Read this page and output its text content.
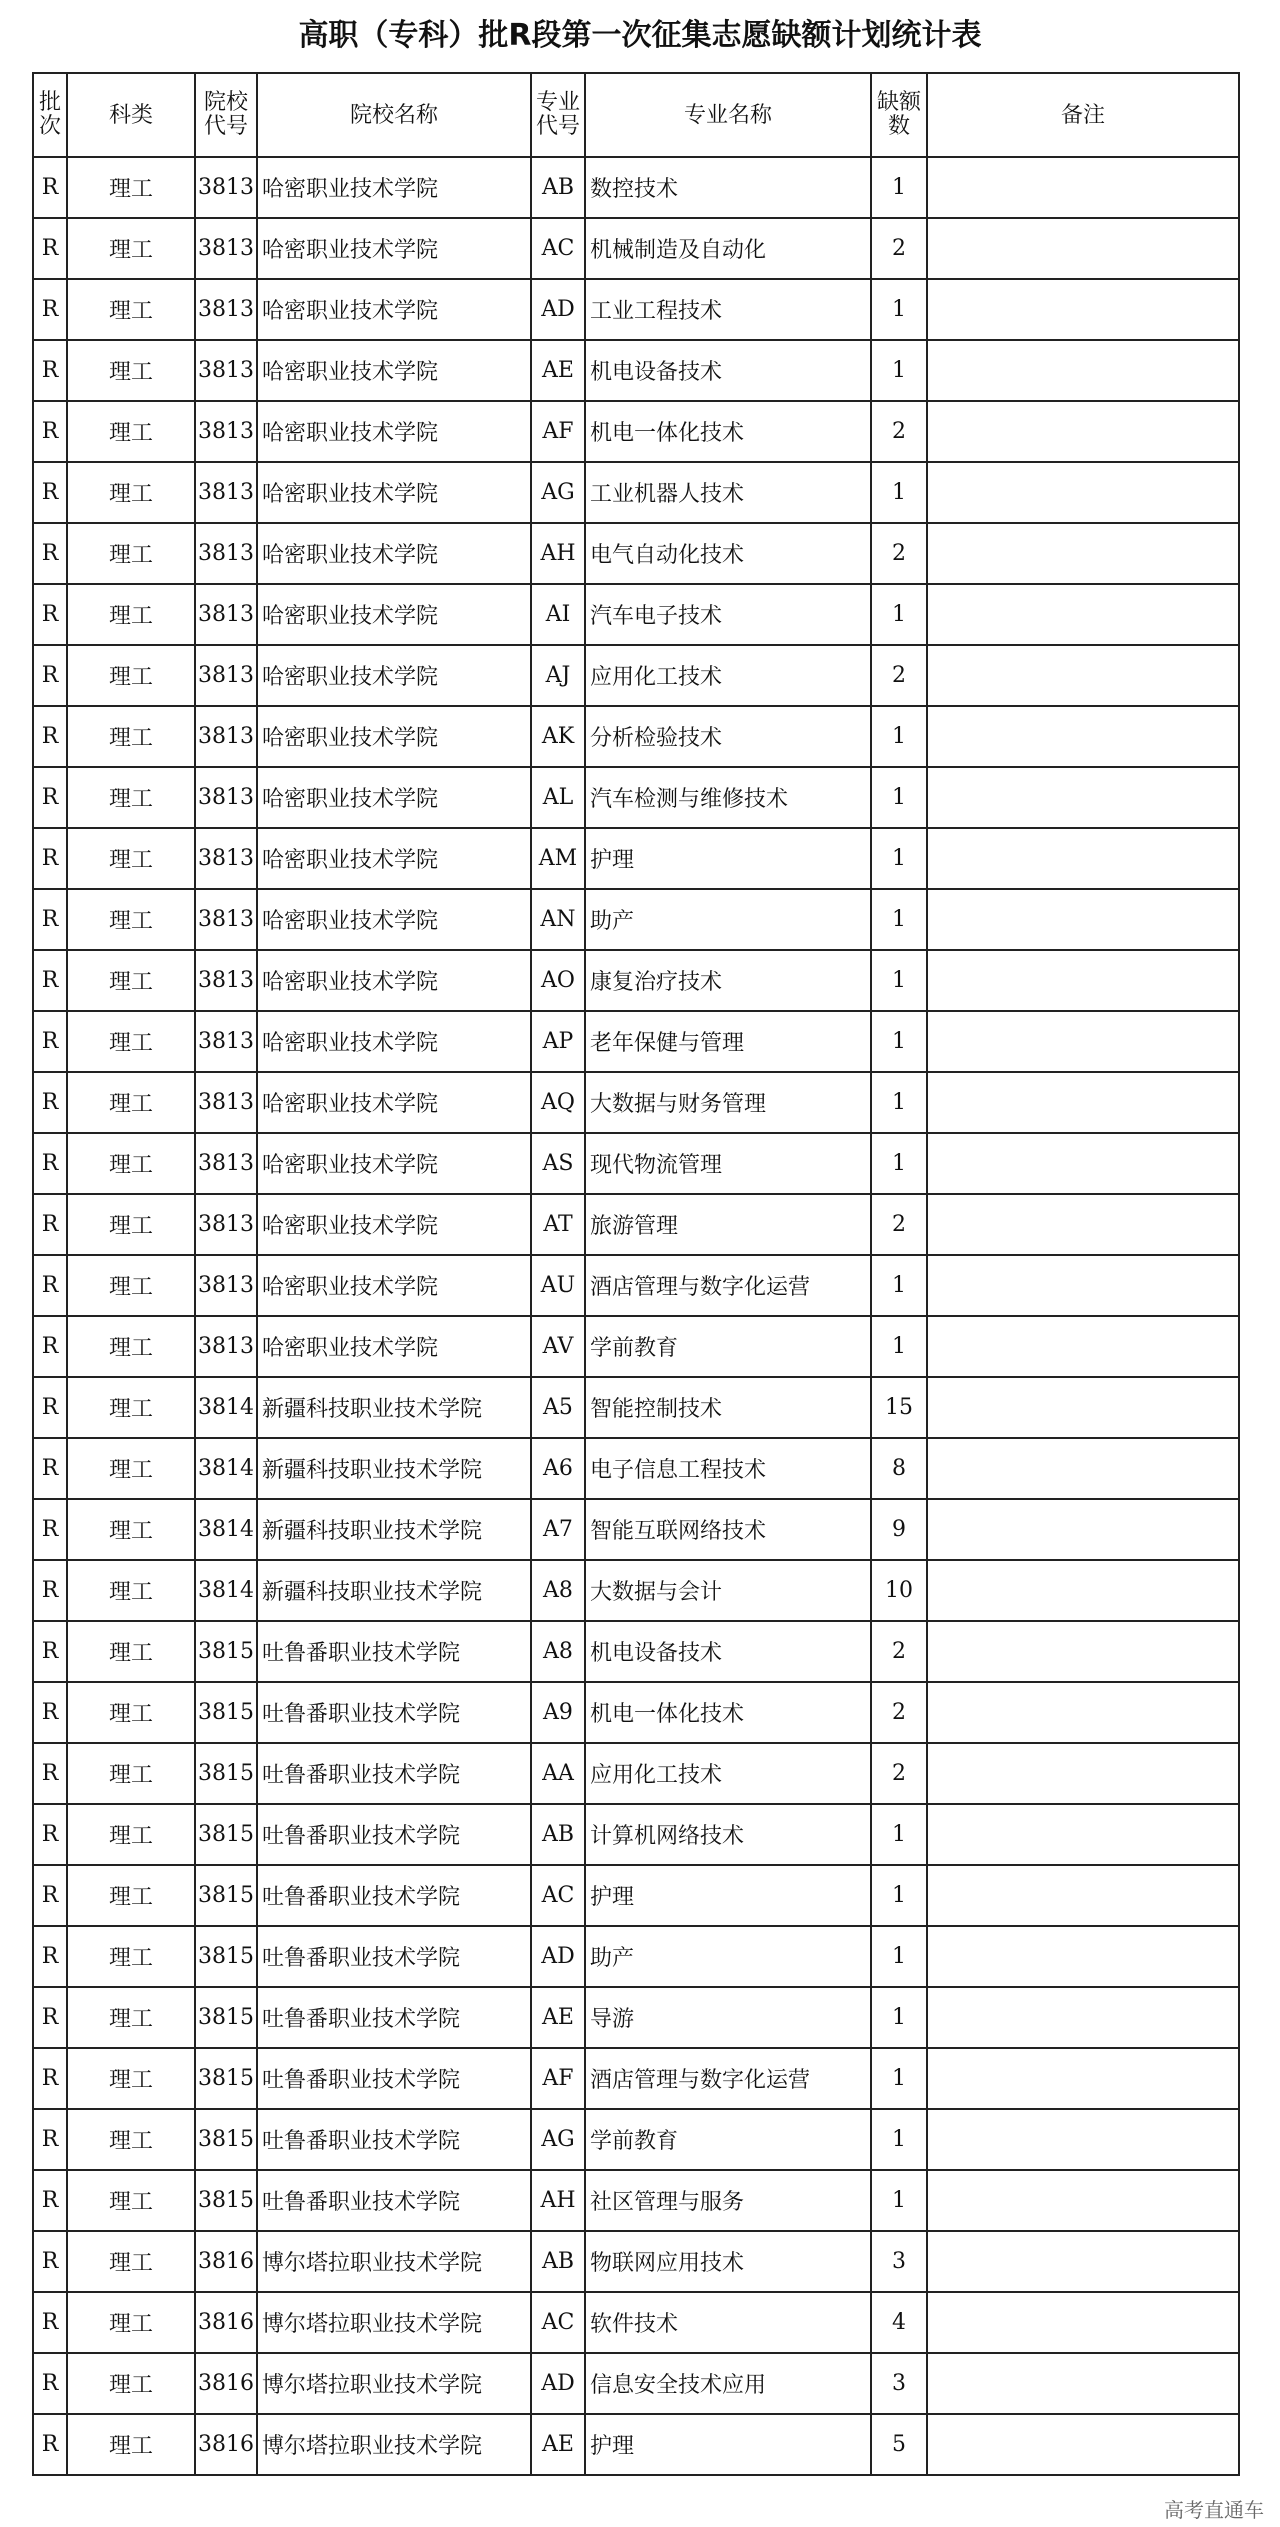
高职（专科）批R段第一次征集志愿缺额计划统计表
批次	科类	院校代号	院校名称	专业代号	专业名称	缺额数	备注
R	理工	3813	哈密职业技术学院	AB	数控技术	1	
R	理工	3813	哈密职业技术学院	AC	机械制造及自动化	2	
R	理工	3813	哈密职业技术学院	AD	工业工程技术	1	
R	理工	3813	哈密职业技术学院	AE	机电设备技术	1	
R	理工	3813	哈密职业技术学院	AF	机电一体化技术	2	
R	理工	3813	哈密职业技术学院	AG	工业机器人技术	1	
R	理工	3813	哈密职业技术学院	AH	电气自动化技术	2	
R	理工	3813	哈密职业技术学院	AI	汽车电子技术	1	
R	理工	3813	哈密职业技术学院	AJ	应用化工技术	2	
R	理工	3813	哈密职业技术学院	AK	分析检验技术	1	
R	理工	3813	哈密职业技术学院	AL	汽车检测与维修技术	1	
R	理工	3813	哈密职业技术学院	AM	护理	1	
R	理工	3813	哈密职业技术学院	AN	助产	1	
R	理工	3813	哈密职业技术学院	AO	康复治疗技术	1	
R	理工	3813	哈密职业技术学院	AP	老年保健与管理	1	
R	理工	3813	哈密职业技术学院	AQ	大数据与财务管理	1	
R	理工	3813	哈密职业技术学院	AS	现代物流管理	1	
R	理工	3813	哈密职业技术学院	AT	旅游管理	2	
R	理工	3813	哈密职业技术学院	AU	酒店管理与数字化运营	1	
R	理工	3813	哈密职业技术学院	AV	学前教育	1	
R	理工	3814	新疆科技职业技术学院	A5	智能控制技术	15	
R	理工	3814	新疆科技职业技术学院	A6	电子信息工程技术	8	
R	理工	3814	新疆科技职业技术学院	A7	智能互联网络技术	9	
R	理工	3814	新疆科技职业技术学院	A8	大数据与会计	10	
R	理工	3815	吐鲁番职业技术学院	A8	机电设备技术	2	
R	理工	3815	吐鲁番职业技术学院	A9	机电一体化技术	2	
R	理工	3815	吐鲁番职业技术学院	AA	应用化工技术	2	
R	理工	3815	吐鲁番职业技术学院	AB	计算机网络技术	1	
R	理工	3815	吐鲁番职业技术学院	AC	护理	1	
R	理工	3815	吐鲁番职业技术学院	AD	助产	1	
R	理工	3815	吐鲁番职业技术学院	AE	导游	1	
R	理工	3815	吐鲁番职业技术学院	AF	酒店管理与数字化运营	1	
R	理工	3815	吐鲁番职业技术学院	AG	学前教育	1	
R	理工	3815	吐鲁番职业技术学院	AH	社区管理与服务	1	
R	理工	3816	博尔塔拉职业技术学院	AB	物联网应用技术	3	
R	理工	3816	博尔塔拉职业技术学院	AC	软件技术	4	
R	理工	3816	博尔塔拉职业技术学院	AD	信息安全技术应用	3	
R	理工	3816	博尔塔拉职业技术学院	AE	护理	5	
高考直通车
